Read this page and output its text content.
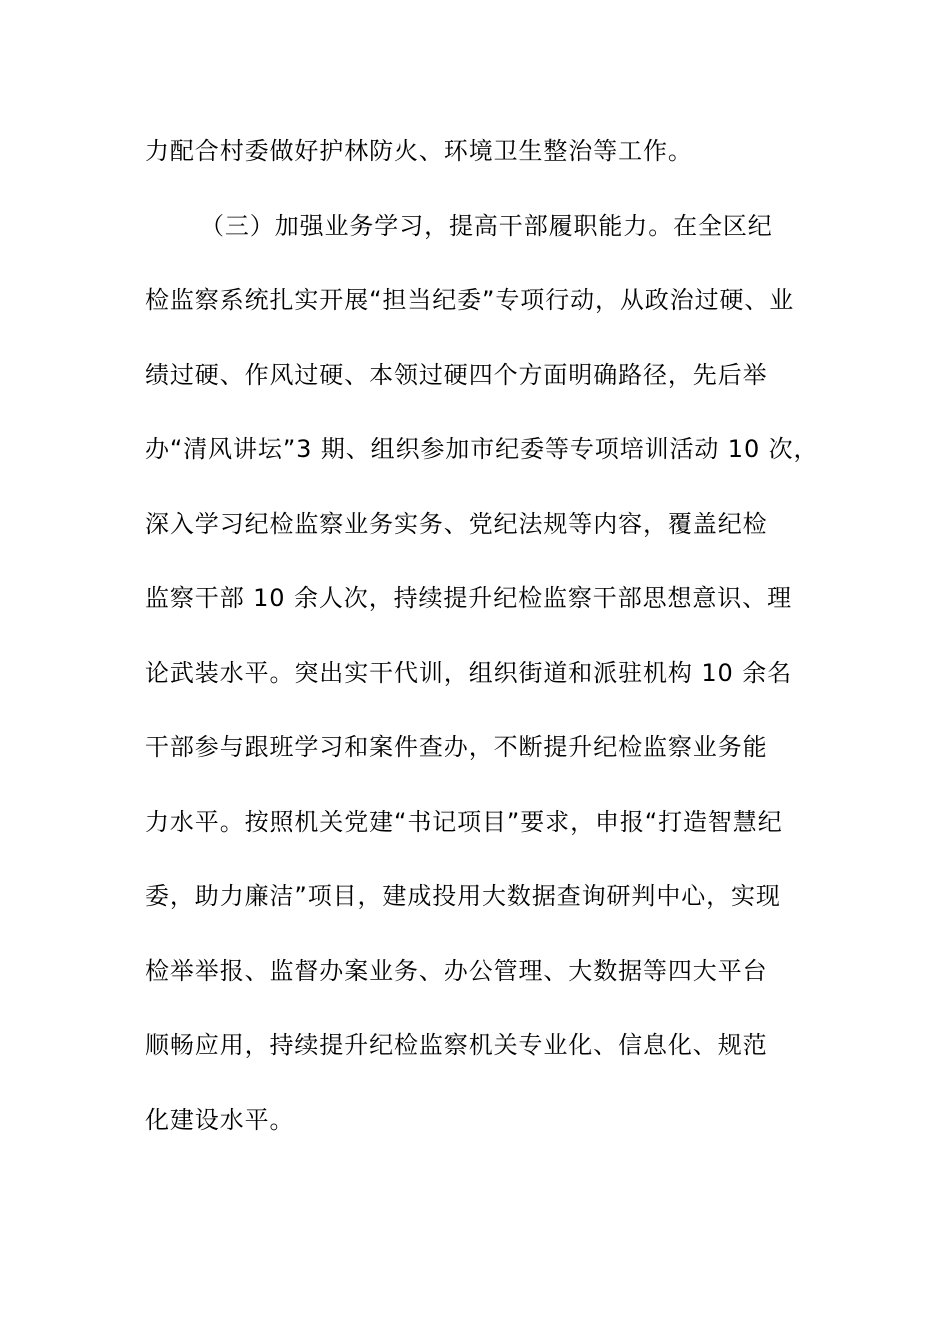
力配合村委做好护林防火、环境卫生整治等工作。
（三）加强业务学习，提高干部履职能力。在全区纪
检监察系统扎实开展“担当纪委”专项行动，从政治过硬、业
绩过硬、作风过硬、本领过硬四个方面明确路径，先后举
办“清风讲坛”3 期、组织参加市纪委等专项培训活动 10 次，
深入学习纪检监察业务实务、党纪法规等内容，覆盖纪检
监察干部 10 余人次，持续提升纪检监察干部思想意识、理
论武装水平。突出实干代训，组织街道和派驻机构 10 余名
干部参与跟班学习和案件查办，不断提升纪检监察业务能
力水平。按照机关党建“书记项目”要求，申报“打造智慧纪
委，助力廉洁”项目，建成投用大数据查询研判中心，实现
检举举报、监督办案业务、办公管理、大数据等四大平台
顺畅应用，持续提升纪检监察机关专业化、信息化、规范
化建设水平。
